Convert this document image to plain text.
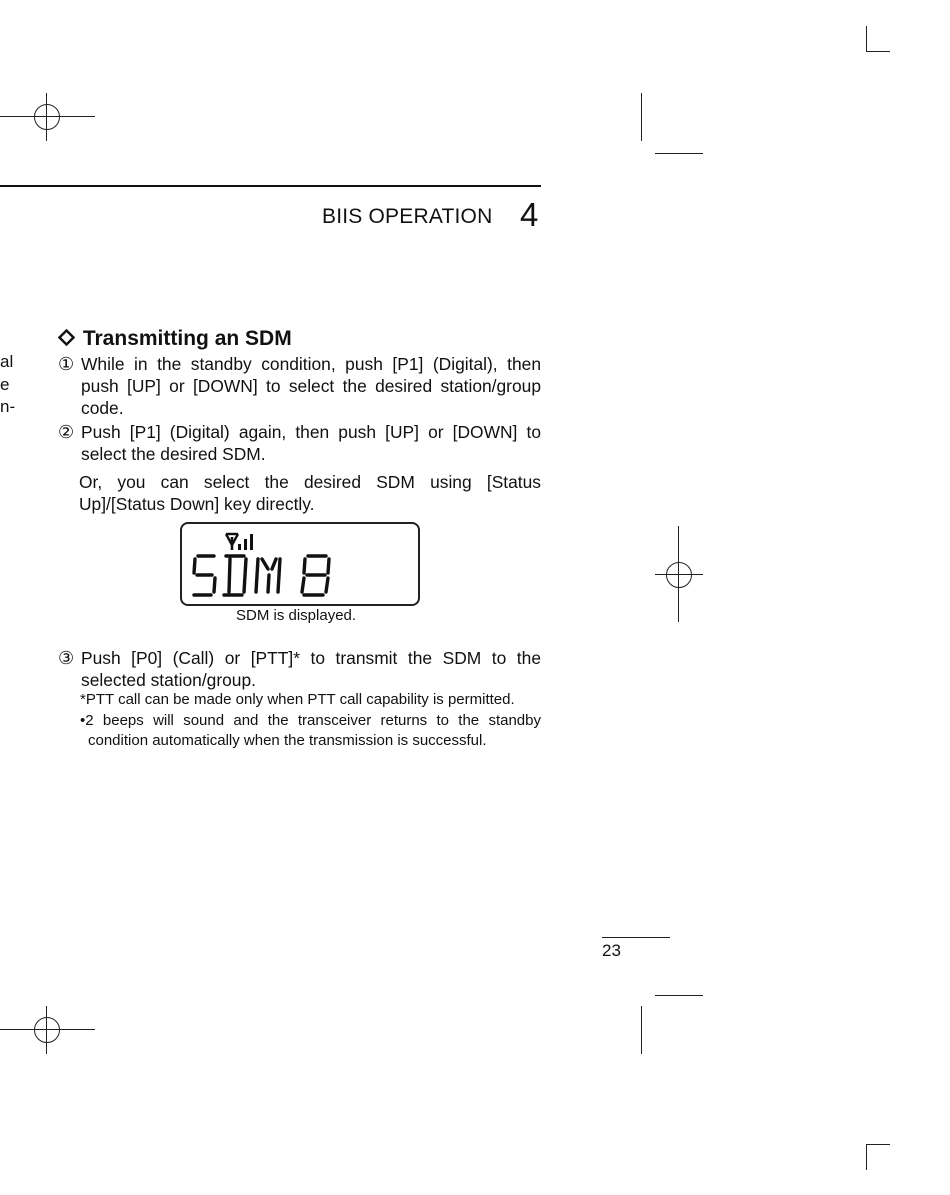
BIIS OPERATION 4
al
e
n-
Transmitting an SDM
① While in the standby condition, push [P1] (Digital), then
push [UP] or [DOWN] to select the desired station/group
code.
② Push [P1] (Digital) again, then push [UP] or [DOWN] to
select the desired SDM.
Or, you can select the desired SDM using [Status
Up]/[Status Down] key directly.
SDM is displayed.
③ Push [P0] (Call) or [PTT]* to transmit the SDM to the
selected station/group.
*PTT call can be made only when PTT call capability is permitted.
•2 beeps will sound and the transceiver returns to the standby
condition automatically when the transmission is successful.
23
